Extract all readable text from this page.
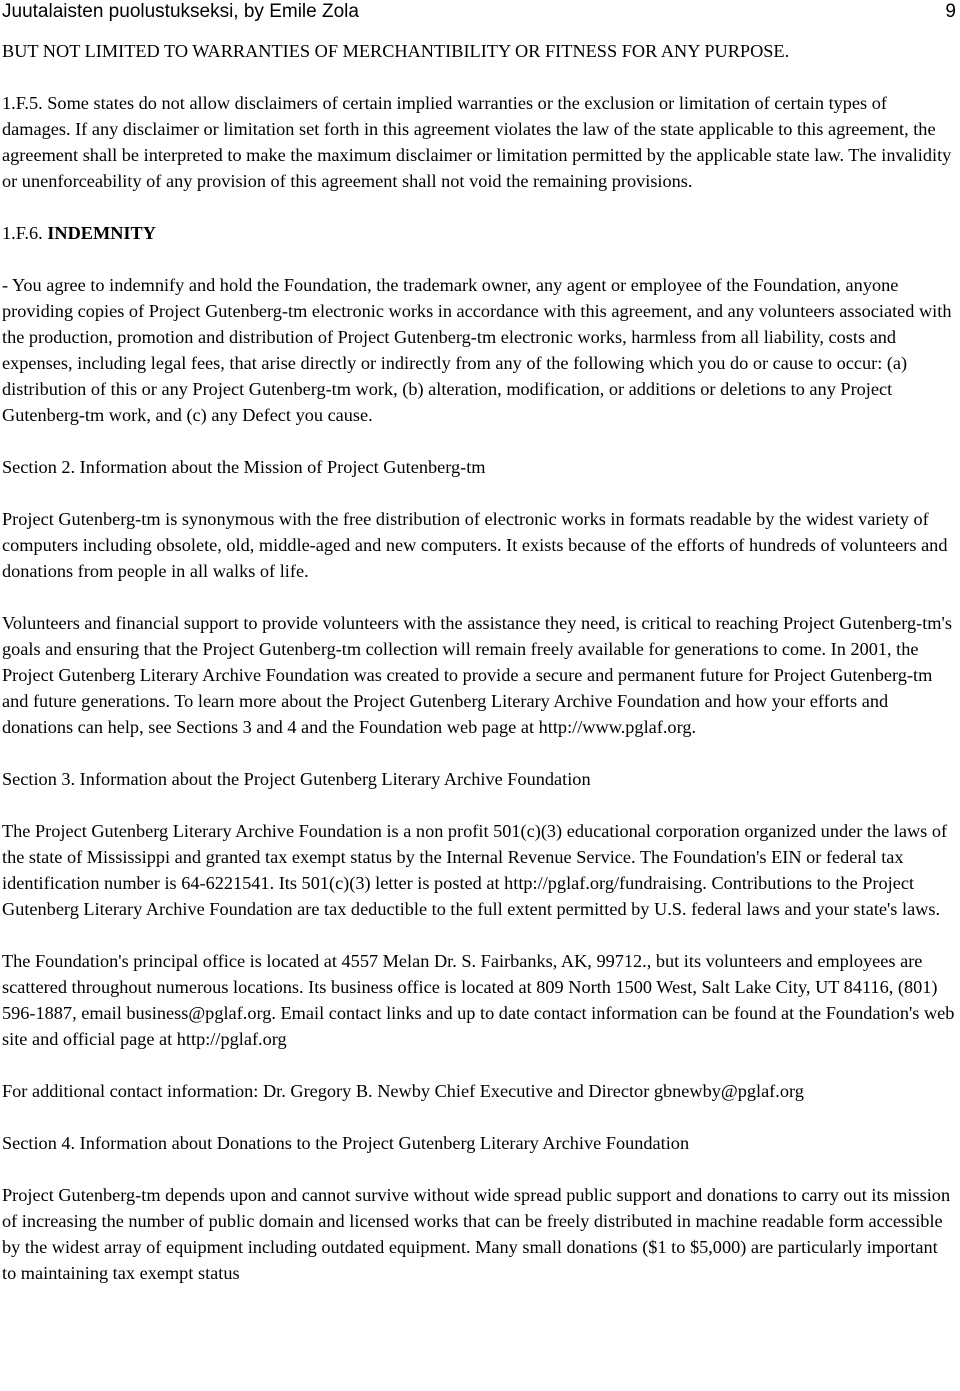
Juutalaisten puolustukseksi, by Emile Zola	9

BUT NOT LIMITED TO WARRANTIES OF MERCHANTIBILITY OR FITNESS FOR ANY PURPOSE.

1.F.5. Some states do not allow disclaimers of certain implied warranties or the exclusion or limitation of certain types of damages. If any disclaimer or limitation set forth in this agreement violates the law of the state applicable to this agreement, the agreement shall be interpreted to make the maximum disclaimer or limitation permitted by the applicable state law. The invalidity or unenforceability of any provision of this agreement shall not void the remaining provisions.

1.F.6. INDEMNITY

- You agree to indemnify and hold the Foundation, the trademark owner, any agent or employee of the Foundation, anyone providing copies of Project Gutenberg-tm electronic works in accordance with this agreement, and any volunteers associated with the production, promotion and distribution of Project Gutenberg-tm electronic works, harmless from all liability, costs and expenses, including legal fees, that arise directly or indirectly from any of the following which you do or cause to occur: (a) distribution of this or any Project Gutenberg-tm work, (b) alteration, modification, or additions or deletions to any Project Gutenberg-tm work, and (c) any Defect you cause.

Section 2. Information about the Mission of Project Gutenberg-tm

Project Gutenberg-tm is synonymous with the free distribution of electronic works in formats readable by the widest variety of computers including obsolete, old, middle-aged and new computers. It exists because of the efforts of hundreds of volunteers and donations from people in all walks of life.

Volunteers and financial support to provide volunteers with the assistance they need, is critical to reaching Project Gutenberg-tm's goals and ensuring that the Project Gutenberg-tm collection will remain freely available for generations to come. In 2001, the Project Gutenberg Literary Archive Foundation was created to provide a secure and permanent future for Project Gutenberg-tm and future generations. To learn more about the Project Gutenberg Literary Archive Foundation and how your efforts and donations can help, see Sections 3 and 4 and the Foundation web page at http://www.pglaf.org.

Section 3. Information about the Project Gutenberg Literary Archive Foundation

The Project Gutenberg Literary Archive Foundation is a non profit 501(c)(3) educational corporation organized under the laws of the state of Mississippi and granted tax exempt status by the Internal Revenue Service. The Foundation's EIN or federal tax identification number is 64-6221541. Its 501(c)(3) letter is posted at http://pglaf.org/fundraising. Contributions to the Project Gutenberg Literary Archive Foundation are tax deductible to the full extent permitted by U.S. federal laws and your state's laws.

The Foundation's principal office is located at 4557 Melan Dr. S. Fairbanks, AK, 99712., but its volunteers and employees are scattered throughout numerous locations. Its business office is located at 809 North 1500 West, Salt Lake City, UT 84116, (801) 596-1887, email business@pglaf.org. Email contact links and up to date contact information can be found at the Foundation's web site and official page at http://pglaf.org

For additional contact information: Dr. Gregory B. Newby Chief Executive and Director gbnewby@pglaf.org

Section 4. Information about Donations to the Project Gutenberg Literary Archive Foundation

Project Gutenberg-tm depends upon and cannot survive without wide spread public support and donations to carry out its mission of increasing the number of public domain and licensed works that can be freely distributed in machine readable form accessible by the widest array of equipment including outdated equipment. Many small donations ($1 to $5,000) are particularly important to maintaining tax exempt status
